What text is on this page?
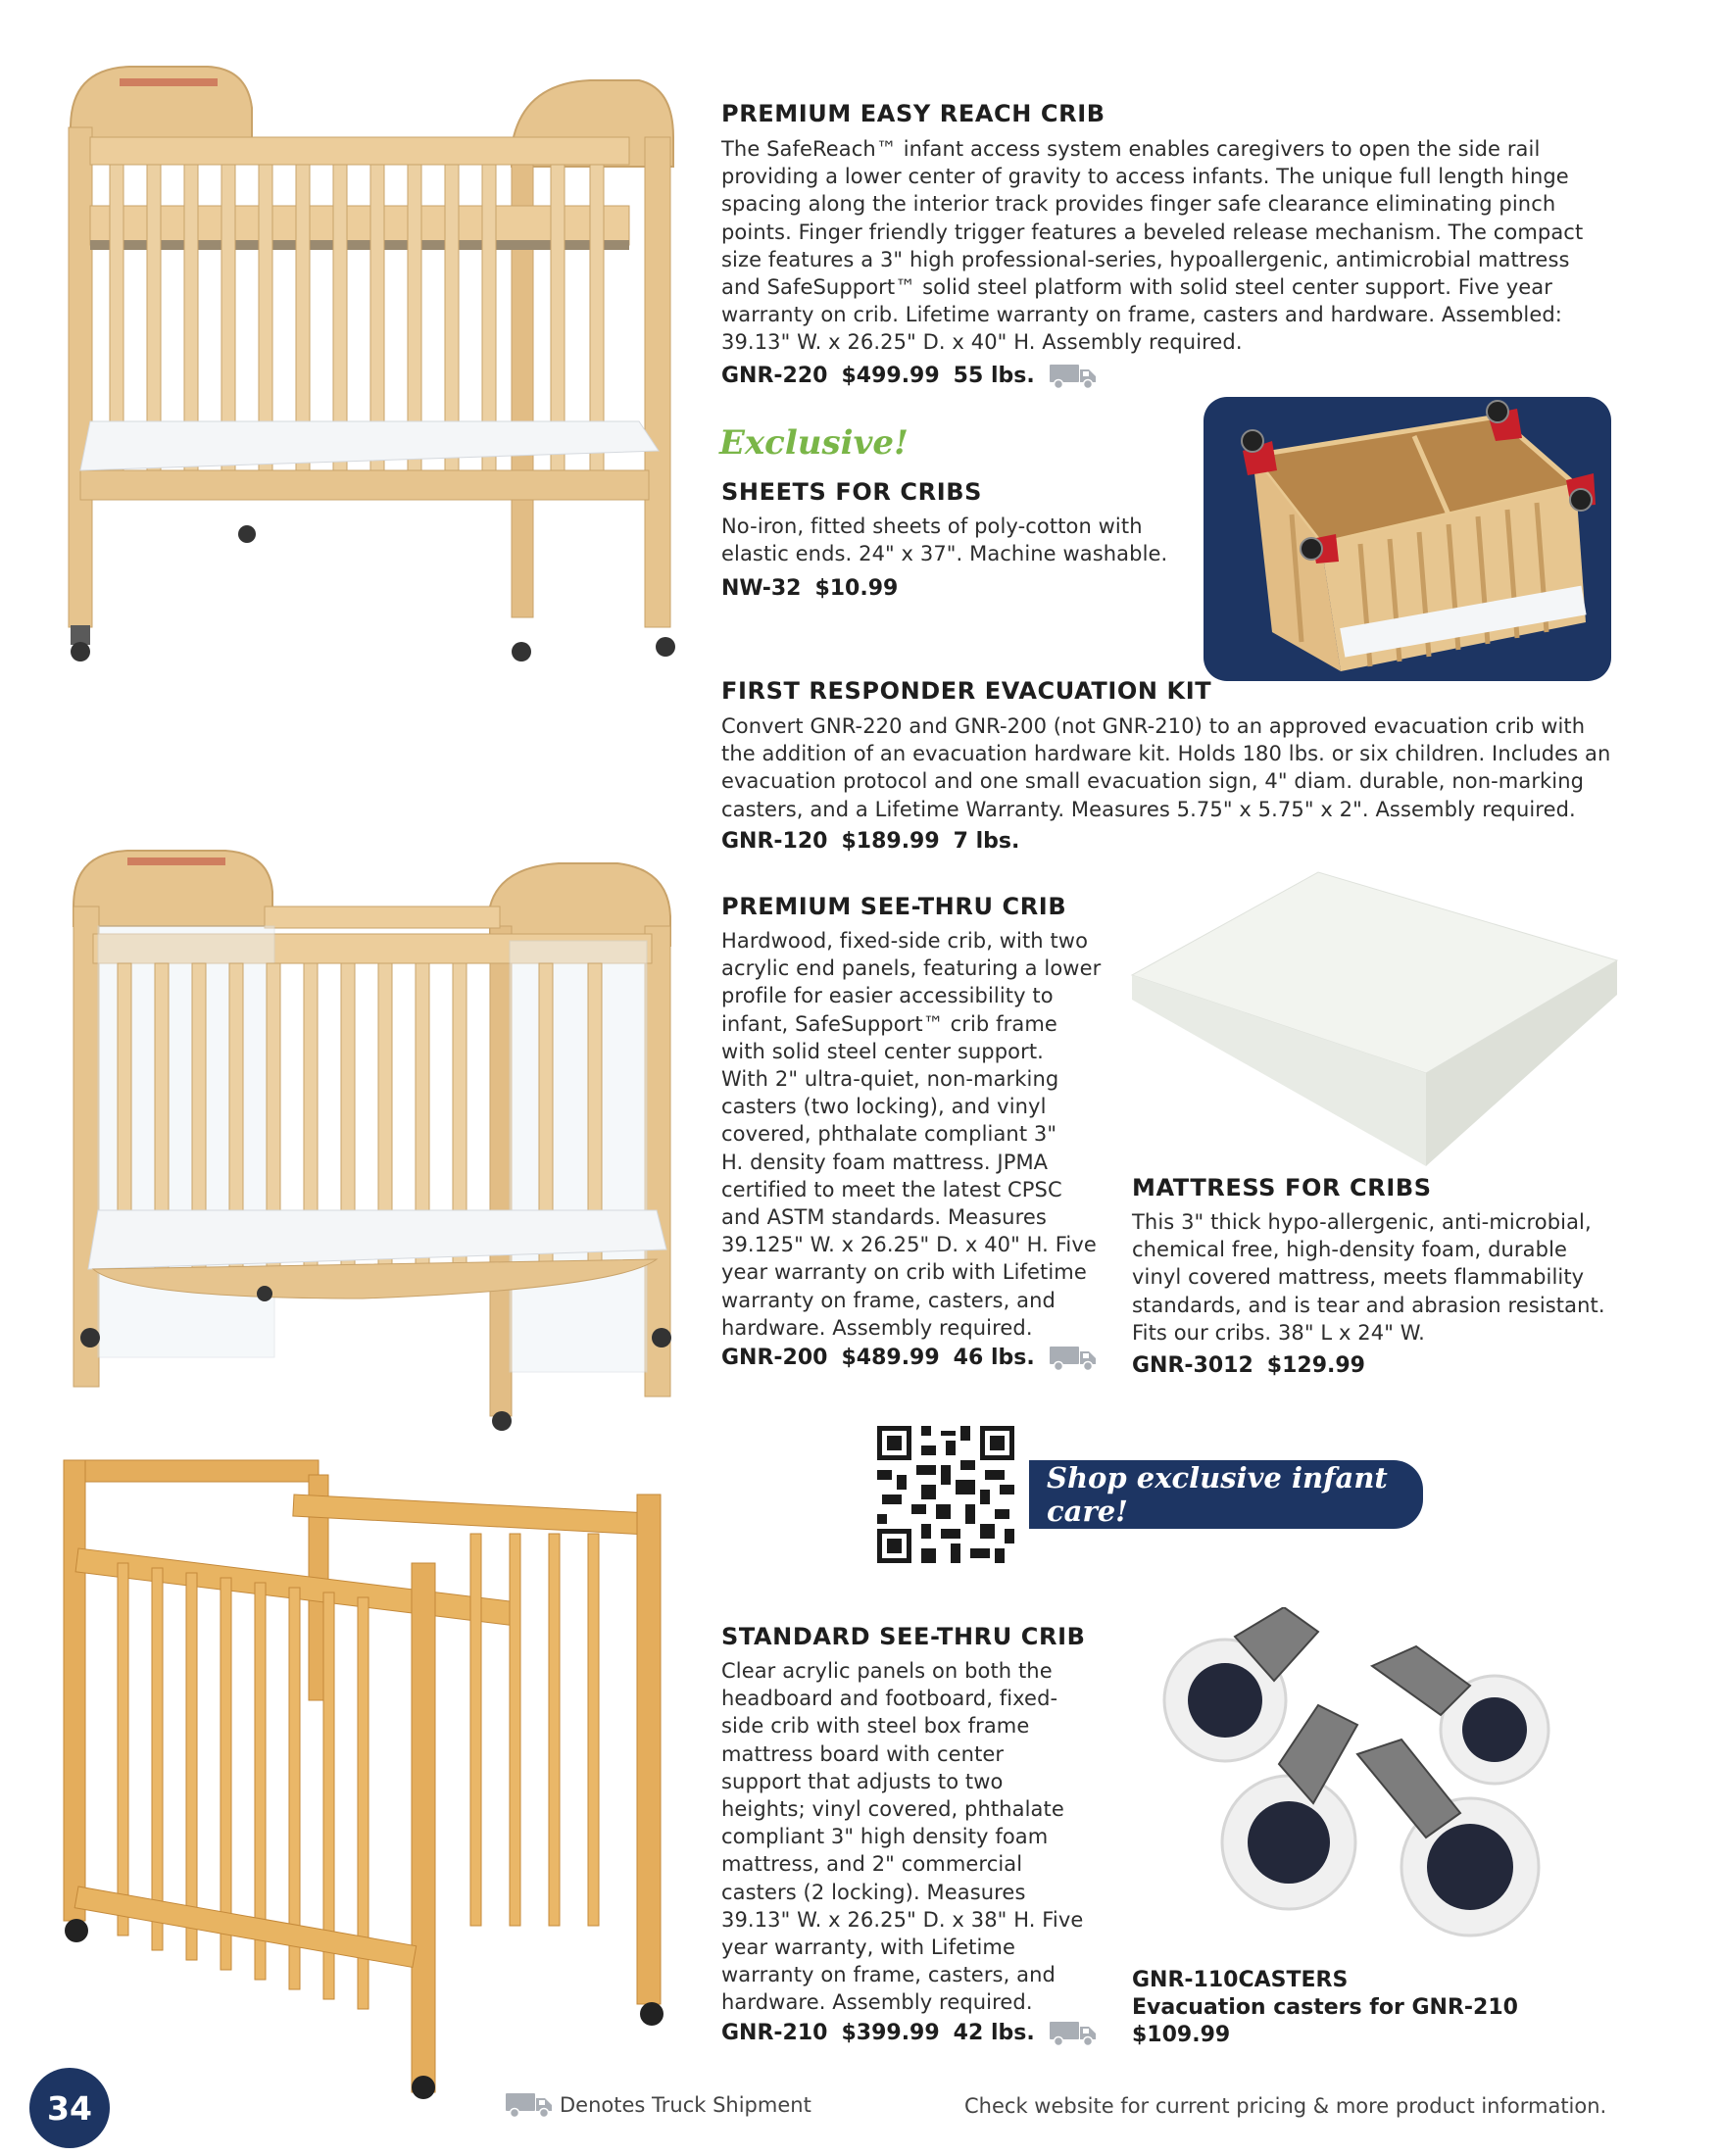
PREMIUM EASY REACH CRIB
The SafeReach™ infant access system enables caregivers to open the side rail
providing a lower center of gravity to access infants. The unique full length hinge
spacing along the interior track provides finger safe clearance eliminating pinch
points. Finger friendly trigger features a beveled release mechanism. The compact
size features a 3" high professional-series, hypoallergenic, antimicrobial mattress
and SafeSupport™ solid steel platform with solid steel center support. Five year
warranty on crib. Lifetime warranty on frame, casters and hardware. Assembled:
39.13" W. x 26.25" D. x 40" H. Assembly required.
GNR-220 $499.99 55 lbs.
Exclusive!
SHEETS FOR CRIBS
No-iron, fitted sheets of poly-cotton with
elastic ends. 24" x 37". Machine washable.
NW-32 $10.99
FIRST RESPONDER EVACUATION KIT
Convert GNR-220 and GNR-200 (not GNR-210) to an approved evacuation crib with
the addition of an evacuation hardware kit. Holds 180 lbs. or six children. Includes an
evacuation protocol and one small evacuation sign, 4" diam. durable, non-marking
casters, and a Lifetime Warranty. Measures 5.75" x 5.75" x 2". Assembly required.
GNR-120 $189.99 7 lbs.
PREMIUM SEE-THRU CRIB
Hardwood, fixed-side crib, with two
acrylic end panels, featuring a lower
profile for easier accessibility to
infant, SafeSupport™ crib frame
with solid steel center support.
With 2" ultra-quiet, non-marking
casters (two locking), and vinyl
covered, phthalate compliant 3"
H. density foam mattress. JPMA
certified to meet the latest CPSC
and ASTM standards. Measures
39.125" W. x 26.25" D. x 40" H. Five
year warranty on crib with Lifetime
warranty on frame, casters, and
hardware. Assembly required.
GNR-200 $489.99 46 lbs.
MATTRESS FOR CRIBS
This 3" thick hypo-allergenic, anti-microbial,
chemical free, high-density foam, durable
vinyl covered mattress, meets flammability
standards, and is tear and abrasion resistant.
Fits our cribs. 38" L x 24" W.
GNR-3012 $129.99
Shop exclusive infant care!
STANDARD SEE-THRU CRIB
Clear acrylic panels on both the
headboard and footboard, fixed-
side crib with steel box frame
mattress board with center
support that adjusts to two
heights; vinyl covered, phthalate
compliant 3" high density foam
mattress, and 2" commercial
casters (2 locking). Measures
39.13" W. x 26.25" D. x 38" H. Five
year warranty, with Lifetime
warranty on frame, casters, and
hardware. Assembly required.
GNR-210 $399.99 42 lbs.
GNR-110CASTERS
Evacuation casters for GNR-210
$109.99
34	Denotes Truck Shipment	Check website for current pricing & more product information.
